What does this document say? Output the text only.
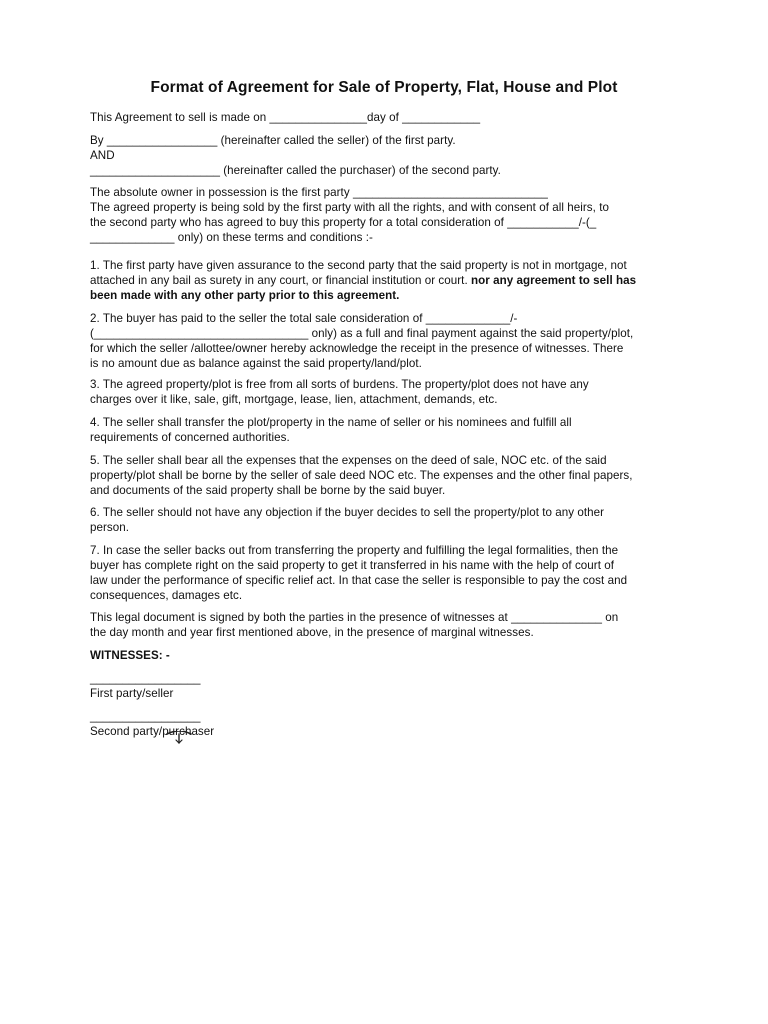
Format of Agreement for Sale of Property, Flat, House and Plot
This Agreement to sell is made on _______________day of ____________
By _________________ (hereinafter called the seller) of the first party.
AND
____________________ (hereinafter called the purchaser) of the second party.
The absolute owner in possession is the first party ______________________________
The agreed property is being sold by the first party with all the rights, and with consent of all heirs, to
the second party who has agreed to buy this property for a total consideration of ___________/-(_
_____________ only) on these terms and conditions :-
1. The first party have given assurance to the second party that the said property is not in mortgage, not
attached in any bail as surety in any court, or financial institution or court. nor any agreement to sell has
been made with any other party prior to this agreement.
2. The buyer has paid to the seller the total sale consideration of _____________/-
(_________________________________ only) as a full and final payment against the said property/plot,
for which the seller /allottee/owner hereby acknowledge the receipt in the presence of witnesses. There
is no amount due as balance against the said property/land/plot.
3. The agreed property/plot is free from all sorts of burdens. The property/plot does not have any
charges over it like, sale, gift, mortgage, lease, lien, attachment, demands, etc.
4. The seller shall transfer the plot/property in the name of seller or his nominees and fulfill all
requirements of concerned authorities.
5. The seller shall bear all the expenses that the expenses on the deed of sale, NOC etc. of the said
property/plot shall be borne by the seller of sale deed NOC etc. The expenses and the other final papers,
and documents of the said property shall be borne by the said buyer.
6. The seller should not have any objection if the buyer decides to sell the property/plot to any other
person.
7. In case the seller backs out from transferring the property and fulfilling the legal formalities, then the
buyer has complete right on the said property to get it transferred in his name with the help of court of
law under the performance of specific relief act. In that case the seller is responsible to pay the cost and
consequences, damages etc.
This legal document is signed by both the parties in the presence of witnesses at ______________ on
the day month and year first mentioned above, in the presence of marginal witnesses.
WITNESSES: -
_________________
First party/seller
_________________
Second party/purchaser
